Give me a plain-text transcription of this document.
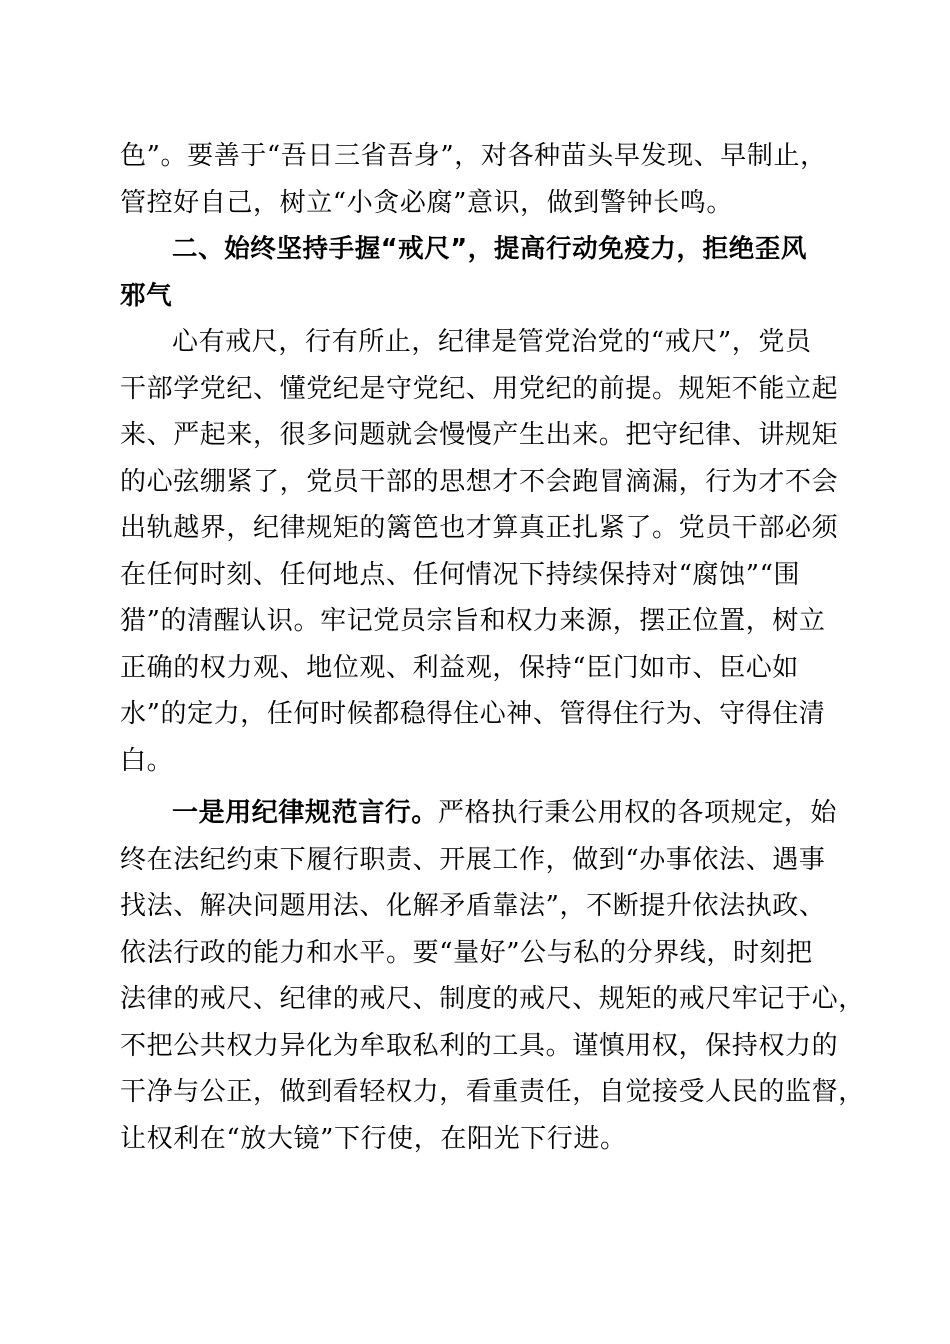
色”。要善于“吾日三省吾身”，对各种苗头早发现、早制止，
管控好自己，树立“小贪必腐”意识，做到警钟长鸣。
二、始终坚持手握“戒尺”，提高行动免疫力，拒绝歪风
邪气
心有戒尺，行有所止，纪律是管党治党的“戒尺”，党员
干部学党纪、懂党纪是守党纪、用党纪的前提。规矩不能立起
来、严起来，很多问题就会慢慢产生出来。把守纪律、讲规矩
的心弦绷紧了，党员干部的思想才不会跑冒滴漏，行为才不会
出轨越界，纪律规矩的篱笆也才算真正扎紧了。党员干部必须
在任何时刻、任何地点、任何情况下持续保持对“腐蚀”“围
猎”的清醒认识。牢记党员宗旨和权力来源，摆正位置，树立
正确的权力观、地位观、利益观，保持“臣门如市、臣心如
水”的定力，任何时候都稳得住心神、管得住行为、守得住清
白。
一是用纪律规范言行。严格执行秉公用权的各项规定，始
终在法纪约束下履行职责、开展工作，做到“办事依法、遇事
找法、解决问题用法、化解矛盾靠法”，不断提升依法执政、
依法行政的能力和水平。要“量好”公与私的分界线，时刻把
法律的戒尺、纪律的戒尺、制度的戒尺、规矩的戒尺牢记于心，
不把公共权力异化为牟取私利的工具。谨慎用权，保持权力的
干净与公正，做到看轻权力，看重责任，自觉接受人民的监督，
让权利在“放大镜”下行使，在阳光下行进。
